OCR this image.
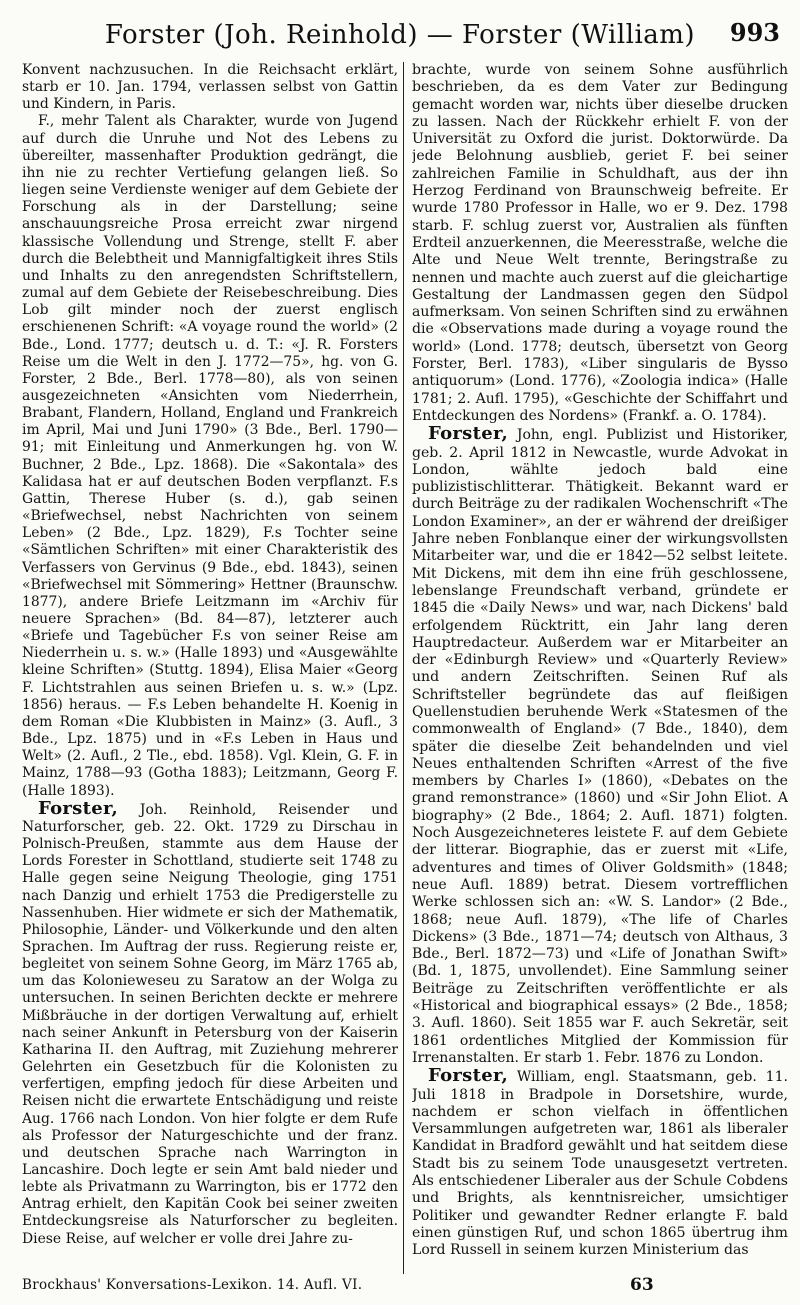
Forster (Joh. Reinhold) — Forster (William)	993

Konvent nachzusuchen. In die Reichsacht erklärt, starb er 10. Jan. 1794, verlassen selbst von Gattin und Kindern, in Paris.

F., mehr Talent als Charakter, wurde von Jugend auf durch die Unruhe und Not des Lebens zu übereilter, massenhafter Produktion gedrängt, die ihn nie zu rechter Vertiefung gelangen ließ. So liegen seine Verdienste weniger auf dem Gebiete der Forschung als in der Darstellung; seine anschauungsreiche Prosa erreicht zwar nirgend klassische Vollendung und Strenge, stellt F. aber durch die Belebtheit und Mannigfaltigkeit ihres Stils und Inhalts zu den anregendsten Schriftstellern, zumal auf dem Gebiete der Reisebeschreibung. Dies Lob gilt minder noch der zuerst englisch erschienenen Schrift: «A voyage round the world» (2 Bde., Lond. 1777; deutsch u. d. T.: «J. R. Forsters Reise um die Welt in den J. 1772—75», hg. von G. Forster, 2 Bde., Berl. 1778—80), als von seinen ausgezeichneten «Ansichten vom Niederrhein, Brabant, Flandern, Holland, England und Frankreich im April, Mai und Juni 1790» (3 Bde., Berl. 1790—91; mit Einleitung und Anmerkungen hg. von W. Buchner, 2 Bde., Lpz. 1868). Die «Sakontala» des Kalidasa hat er auf deutschen Boden verpflanzt. F.s Gattin, Therese Huber (s. d.), gab seinen «Briefwechsel, nebst Nachrichten von seinem Leben» (2 Bde., Lpz. 1829), F.s Tochter seine «Sämtlichen Schriften» mit einer Charakteristik des Verfassers von Gervinus (9 Bde., ebd. 1843), seinen «Briefwechsel mit Sömmering» Hettner (Braunschw. 1877), andere Briefe Leitzmann im «Archiv für neuere Sprachen» (Bd. 84—87), letzterer auch «Briefe und Tagebücher F.s von seiner Reise am Niederrhein u. s. w.» (Halle 1893) und «Ausgewählte kleine Schriften» (Stuttg. 1894), Elisa Maier «Georg F. Lichtstrahlen aus seinen Briefen u. s. w.» (Lpz. 1856) heraus. — F.s Leben behandelte H. Koenig in dem Roman «Die Klubbisten in Mainz» (3. Aufl., 3 Bde., Lpz. 1875) und in «F.s Leben in Haus und Welt» (2. Aufl., 2 Tle., ebd. 1858). Vgl. Klein, G. F. in Mainz, 1788—93 (Gotha 1883); Leitzmann, Georg F. (Halle 1893).

Forster, Joh. Reinhold, Reisender und Naturforscher, geb. 22. Okt. 1729 zu Dirschau in Polnisch-Preußen, stammte aus dem Hause der Lords Forester in Schottland, studierte seit 1748 zu Halle gegen seine Neigung Theologie, ging 1751 nach Danzig und erhielt 1753 die Predigerstelle zu Nassenhuben. Hier widmete er sich der Mathematik, Philosophie, Länder- und Völkerkunde und den alten Sprachen. Im Auftrag der russ. Regierung reiste er, begleitet von seinem Sohne Georg, im März 1765 ab, um das Kolonieweseu zu Saratow an der Wolga zu untersuchen. In seinen Berichten deckte er mehrere Mißbräuche in der dortigen Verwaltung auf, erhielt nach seiner Ankunft in Petersburg von der Kaiserin Katharina II. den Auftrag, mit Zuziehung mehrerer Gelehrten ein Gesetzbuch für die Kolonisten zu verfertigen, empfing jedoch für diese Arbeiten und Reisen nicht die erwartete Entschädigung und reiste Aug. 1766 nach London. Von hier folgte er dem Rufe als Professor der Naturgeschichte und der franz. und deutschen Sprache nach Warrington in Lancashire. Doch legte er sein Amt bald nieder und lebte als Privatmann zu Warrington, bis er 1772 den Antrag erhielt, den Kapitän Cook bei seiner zweiten Entdeckungsreise als Naturforscher zu begleiten. Diese Reise, auf welcher er volle drei Jahre zu-

brachte, wurde von seinem Sohne ausführlich beschrieben, da es dem Vater zur Bedingung gemacht worden war, nichts über dieselbe drucken zu lassen. Nach der Rückkehr erhielt F. von der Universität zu Oxford die jurist. Doktorwürde. Da jede Belohnung ausblieb, geriet F. bei seiner zahlreichen Familie in Schuldhaft, aus der ihn Herzog Ferdinand von Braunschweig befreite. Er wurde 1780 Professor in Halle, wo er 9. Dez. 1798 starb. F. schlug zuerst vor, Australien als fünften Erdteil anzuerkennen, die Meeresstraße, welche die Alte und Neue Welt trennte, Beringstraße zu nennen und machte auch zuerst auf die gleichartige Gestaltung der Landmassen gegen den Südpol aufmerksam. Von seinen Schriften sind zu erwähnen die «Observations made during a voyage round the world» (Lond. 1778; deutsch, übersetzt von Georg Forster, Berl. 1783), «Liber singularis de Bysso antiquorum» (Lond. 1776), «Zoologia indica» (Halle 1781; 2. Aufl. 1795), «Geschichte der Schiffahrt und Entdeckungen des Nordens» (Frankf. a. O. 1784).

Forster, John, engl. Publizist und Historiker, geb. 2. April 1812 in Newcastle, wurde Advokat in London, wählte jedoch bald eine publizistischlitterar. Thätigkeit. Bekannt ward er durch Beiträge zu der radikalen Wochenschrift «The London Examiner», an der er während der dreißiger Jahre neben Fonblanque einer der wirkungsvollsten Mitarbeiter war, und die er 1842—52 selbst leitete. Mit Dickens, mit dem ihn eine früh geschlossene, lebenslange Freundschaft verband, gründete er 1845 die «Daily News» und war, nach Dickens' bald erfolgendem Rücktritt, ein Jahr lang deren Hauptredacteur. Außerdem war er Mitarbeiter an der «Edinburgh Review» und «Quarterly Review» und andern Zeitschriften. Seinen Ruf als Schriftsteller begründete das auf fleißigen Quellenstudien beruhende Werk «Statesmen of the commonwealth of England» (7 Bde., 1840), dem später die dieselbe Zeit behandelnden und viel Neues enthaltenden Schriften «Arrest of the five members by Charles I» (1860), «Debates on the grand remonstrance» (1860) und «Sir John Eliot. A biography» (2 Bde., 1864; 2. Aufl. 1871) folgten. Noch Ausgezeichneteres leistete F. auf dem Gebiete der litterar. Biographie, das er zuerst mit «Life, adventures and times of Oliver Goldsmith» (1848; neue Aufl. 1889) betrat. Diesem vortrefflichen Werke schlossen sich an: «W. S. Landor» (2 Bde., 1868; neue Aufl. 1879), «The life of Charles Dickens» (3 Bde., 1871—74; deutsch von Althaus, 3 Bde., Berl. 1872—73) und «Life of Jonathan Swift» (Bd. 1, 1875, unvollendet). Eine Sammlung seiner Beiträge zu Zeitschriften veröffentlichte er als «Historical and biographical essays» (2 Bde., 1858; 3. Aufl. 1860). Seit 1855 war F. auch Sekretär, seit 1861 ordentliches Mitglied der Kommission für Irrenanstalten. Er starb 1. Febr. 1876 zu London.

Forster, William, engl. Staatsmann, geb. 11. Juli 1818 in Bradpole in Dorsetshire, wurde, nachdem er schon vielfach in öffentlichen Versammlungen aufgetreten war, 1861 als liberaler Kandidat in Bradford gewählt und hat seitdem diese Stadt bis zu seinem Tode unausgesetzt vertreten. Als entschiedener Liberaler aus der Schule Cobdens und Brights, als kenntnisreicher, umsichtiger Politiker und gewandter Redner erlangte F. bald einen günstigen Ruf, und schon 1865 übertrug ihm Lord Russell in seinem kurzen Ministerium das

Brockhaus' Konversations-Lexikon. 14. Aufl. VI.	63
